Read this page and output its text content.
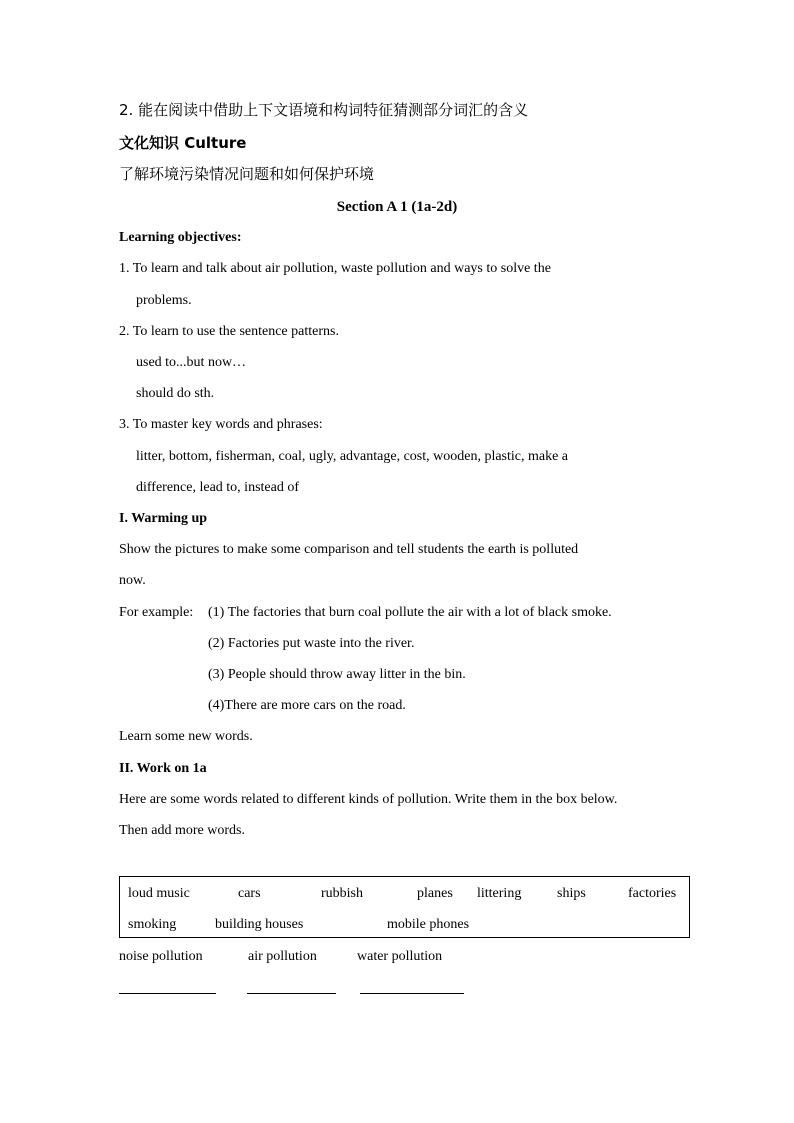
2. 能在阅读中借助上下文语境和构词特征猜测部分词汇的含义
文化知识 Culture
了解环境污染情况问题和如何保护环境
Section A 1 (1a-2d)
Learning objectives:
1. To learn and talk about air pollution, waste pollution and ways to solve the
problems.
2. To learn to use the sentence patterns.
used to...but now…
should do sth.
3. To master key words and phrases:
litter, bottom, fisherman, coal, ugly, advantage, cost, wooden, plastic, make a
difference, lead to, instead of
I. Warming up
Show the pictures to make some comparison and tell students the earth is polluted
now.
For example: (1) The factories that burn coal pollute the air with a lot of black smoke.
(2) Factories put waste into the river.
(3) People should throw away litter in the bin.
(4)There are more cars on the road.
Learn some new words.
II. Work on 1a
Here are some words related to different kinds of pollution. Write them in the box below.
Then add more words.
loud music	cars	rubbish	planes littering	ships	factories
smoking	building houses	mobile phones
noise pollution	air pollution	water pollution
